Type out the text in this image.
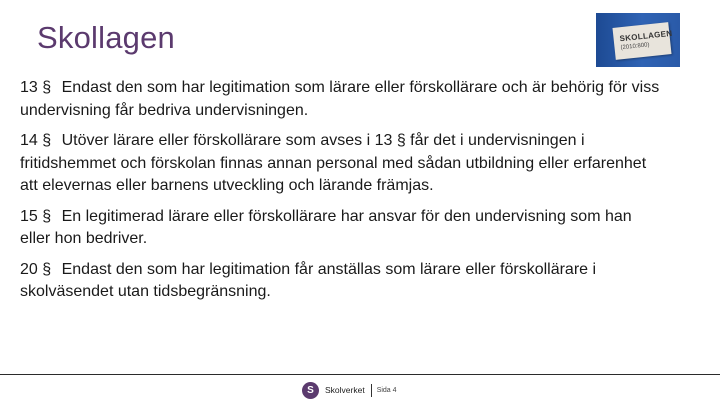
Skollagen	SKOLLAGEN
(2010:800)

13 § Endast den som har legitimation som lärare eller förskollärare och är behörig för viss undervisning får bedriva undervisningen.

14 § Utöver lärare eller förskollärare som avses i 13 § får det i undervisningen i fritidshemmet och förskolan finnas annan personal med sådan utbildning eller erfarenhet att elevernas eller barnens utveckling och lärande främjas.

15 § En legitimerad lärare eller förskollärare har ansvar för den undervisning som han eller hon bedriver.

20 § Endast den som har legitimation får anställas som lärare eller förskollärare i skolväsendet utan tidsbegränsning.

S Skolverket Sida 4
